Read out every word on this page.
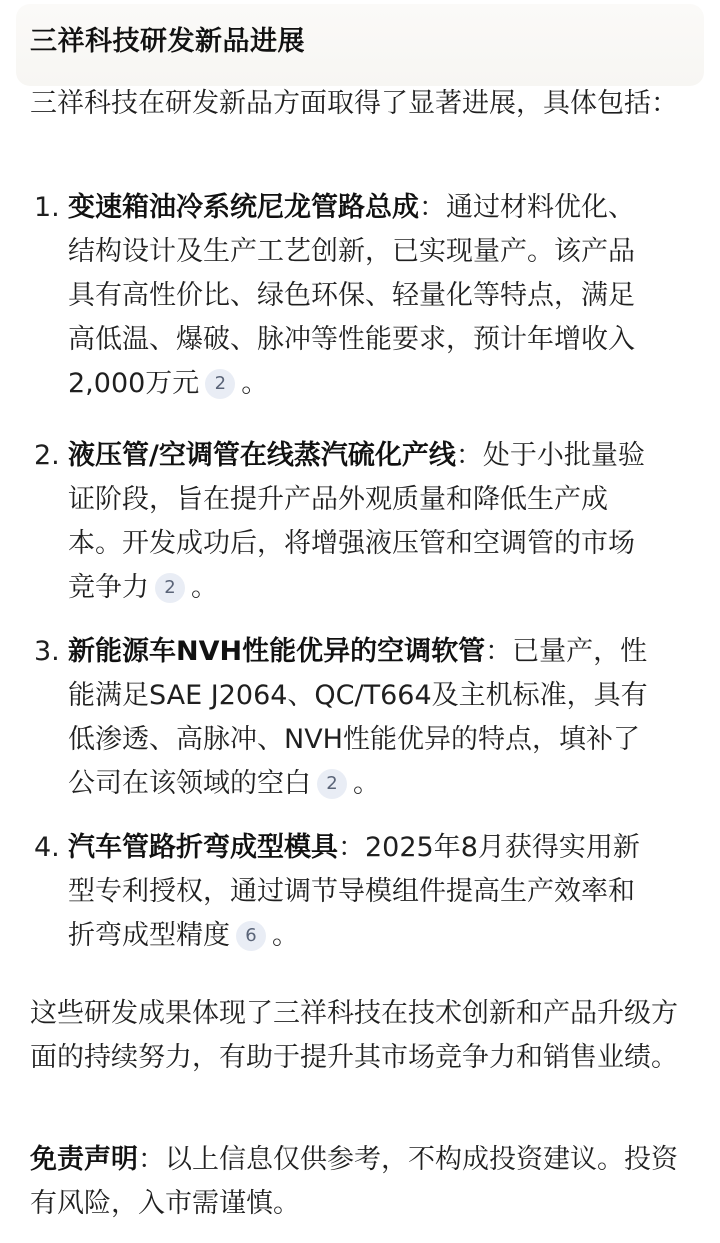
三祥科技研发新品进展
三祥科技在研发新品方面取得了显著进展，具体包括：
1. 变速箱油冷系统尼龙管路总成：通过材料优化、结构设计及生产工艺创新，已实现量产。该产品具有高性价比、绿色环保、轻量化等特点，满足高低温、爆破、脉冲等性能要求，预计年增收入2,000万元 2 。
2. 液压管/空调管在线蒸汽硫化产线：处于小批量验证阶段，旨在提升产品外观质量和降低生产成本。开发成功后，将增强液压管和空调管的市场竞争力 2 。
3. 新能源车NVH性能优异的空调软管：已量产，性能满足SAE J2064、QC/T664及主机标准，具有低渗透、高脉冲、NVH性能优异的特点，填补了公司在该领域的空白 2 。
4. 汽车管路折弯成型模具：2025年8月获得实用新型专利授权，通过调节导模组件提高生产效率和折弯成型精度 6 。
这些研发成果体现了三祥科技在技术创新和产品升级方面的持续努力，有助于提升其市场竞争力和销售业绩。
免责声明：以上信息仅供参考，不构成投资建议。投资有风险，入市需谨慎。
